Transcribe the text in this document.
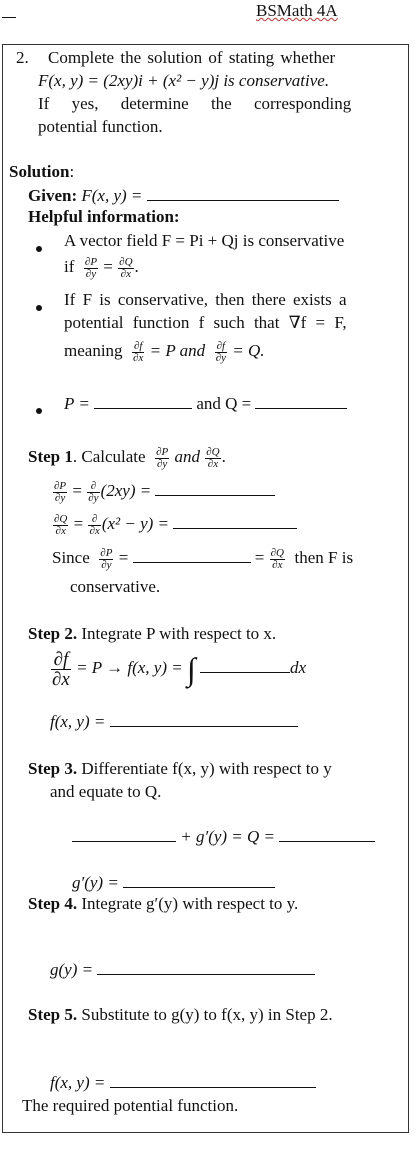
BSMath 4A
2. Complete the solution of stating whether
F(x, y) = (2xy)i + (x² − y)j is conservative.
If yes, determine the corresponding
potential function.
Solution:
Given: F(x, y) =
Helpful information:
A vector field F = Pi + Qj is conservative
if $\frac{\partial P}{\partial y} = \frac{\partial Q}{\partial x}$ .
If F is conservative, then there exists a
potential function f such that ∇f = F,
meaning $\frac{\partial f}{\partial x} = P$ and $\frac{\partial f}{\partial y} = Q$.
P =	and Q =
Step 1. Calculate $\frac{\partial P}{\partial y}$ and $\frac{\partial Q}{\partial x}$ .
$\frac{\partial P}{\partial y} = \frac{\partial}{\partial y} (2xy)$ =
$\frac{\partial Q}{\partial x} = \frac{\partial}{\partial x} (x^2 - y)$ =
Since $\frac{\partial P}{\partial y}$ =	= $\frac{\partial Q}{\partial x}$ then F is
conservative.
Step 2. Integrate P with respect to x.
$\frac{\partial f}{\partial x} = P \to f(x$, y) = ∫	dx
f(x, y) =
Step 3. Differentiate f(x, y) with respect to y
and equate to Q.
+ g′(y) = Q =
g′(y) =
Step 4. Integrate g′(y) with respect to y.
g(y) =
Step 5. Substitute to g(y) to f(x, y) in Step 2.
f(x, y) =
The required potential function.
